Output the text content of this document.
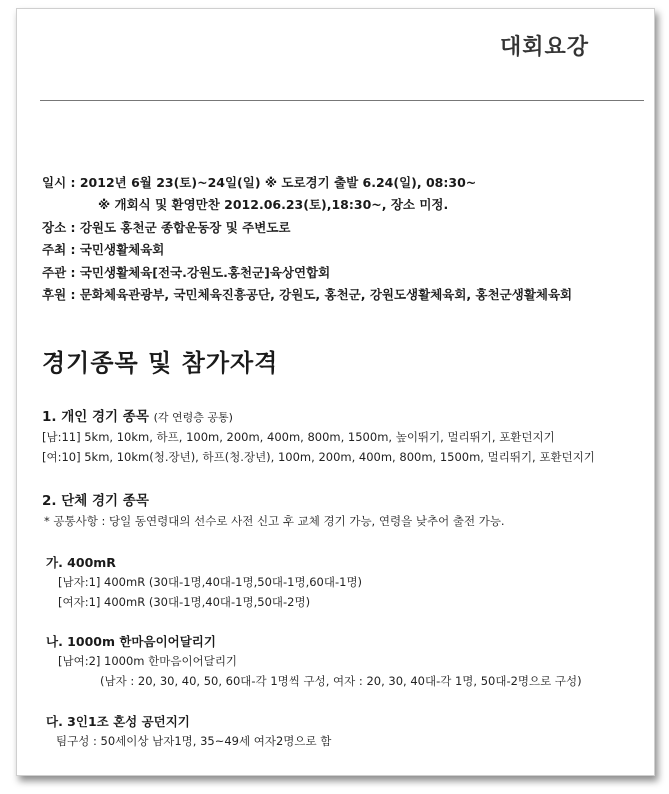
대회요강
일시 : 2012년 6월 23(토)~24일(일) ※ 도로경기 출발 6.24(일), 08:30~
※ 개회식 및 환영만찬 2012.06.23(토),18:30~, 장소 미정.
장소 : 강원도 홍천군 종합운동장 및 주변도로
주최 : 국민생활체육회
주관 : 국민생활체육[전국.강원도.홍천군]육상연합회
후원 : 문화체육관광부, 국민체육진흥공단, 강원도, 홍천군, 강원도생활체육회, 홍천군생활체육회
경기종목 및 참가자격
1. 개인 경기 종목 (각 연령층 공통)
[남:11] 5km, 10km, 하프, 100m, 200m, 400m, 800m, 1500m, 높이뛰기, 멀리뛰기, 포환던지기
[여:10] 5km, 10km(청.장년), 하프(청.장년), 100m, 200m, 400m, 800m, 1500m, 멀리뛰기, 포환던지기
2. 단체 경기 종목
* 공통사항 : 당일 동연령대의 선수로 사전 신고 후 교체 경기 가능, 연령을 낮추어 출전 가능.
가. 400mR
[남자:1] 400mR (30대-1명,40대-1명,50대-1명,60대-1명)
[여자:1] 400mR (30대-1명,40대-1명,50대-2명)
나. 1000m 한마음이어달리기
[남여:2] 1000m 한마음이어달리기
(남자 : 20, 30, 40, 50, 60대-각 1명씩 구성, 여자 : 20, 30, 40대-각 1명, 50대-2명으로 구성)
다. 3인1조 혼성 공던지기
팀구성 : 50세이상 남자1명, 35~49세 여자2명으로 함
